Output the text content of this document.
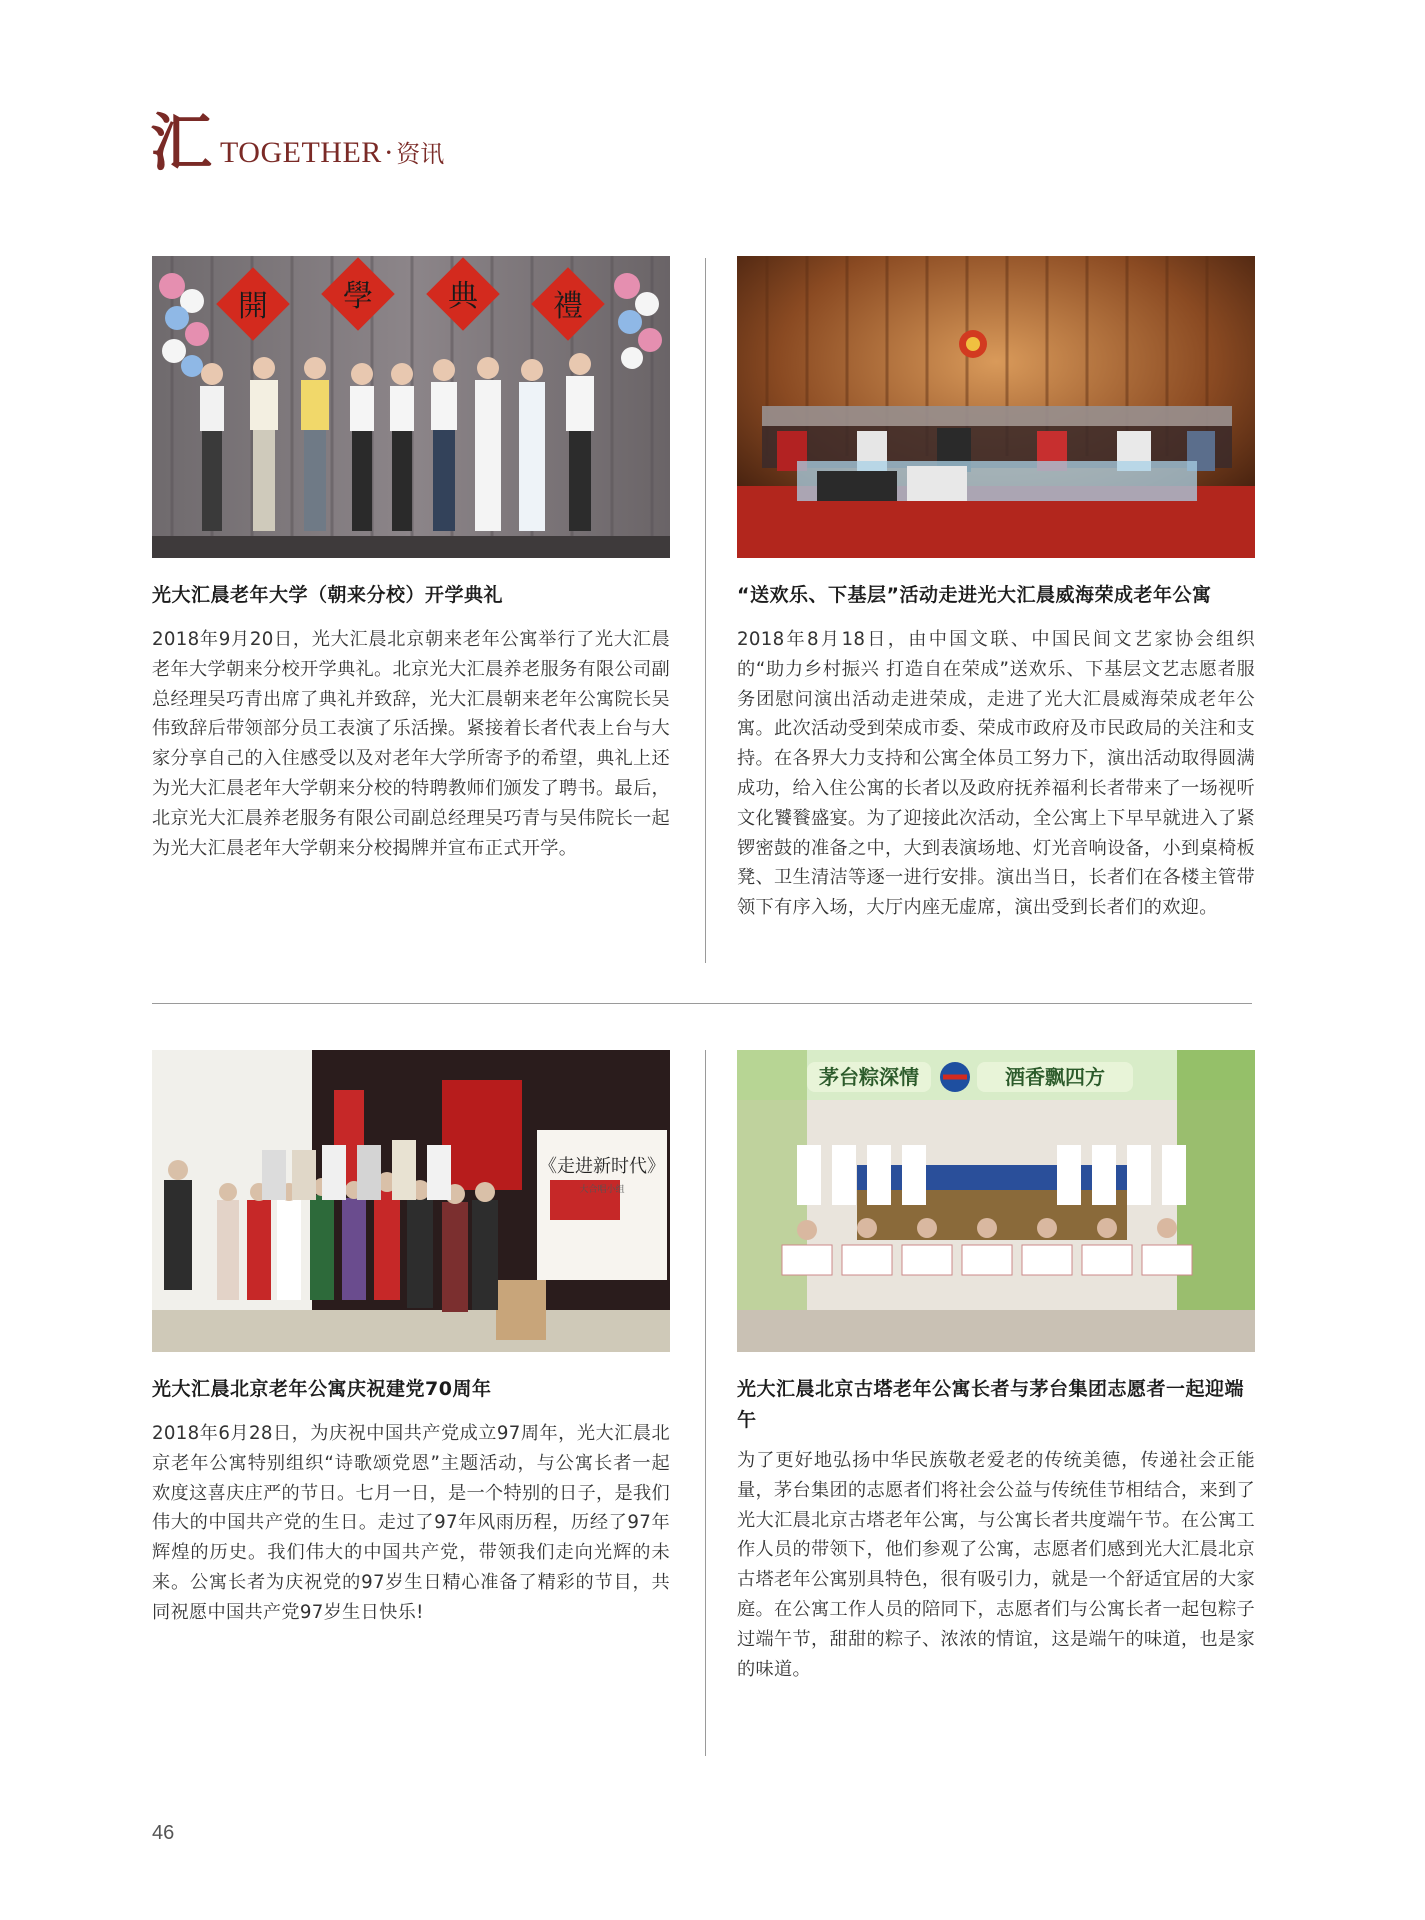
汇 TOGETHER · 资讯
開	學	典	禮
光大汇晨老年大学（朝来分校）开学典礼
2018年9月20日，光大汇晨北京朝来老年公寓举行了光大汇晨老年大学朝来分校开学典礼。北京光大汇晨养老服务有限公司副总经理吴巧青出席了典礼并致辞，光大汇晨朝来老年公寓院长吴伟致辞后带领部分员工表演了乐活操。紧接着长者代表上台与大家分享自己的入住感受以及对老年大学所寄予的希望，典礼上还为光大汇晨老年大学朝来分校的特聘教师们颁发了聘书。最后，北京光大汇晨养老服务有限公司副总经理吴巧青与吴伟院长一起为光大汇晨老年大学朝来分校揭牌并宣布正式开学。
“送欢乐、下基层”活动走进光大汇晨威海荣成老年公寓
2018年8月18日，由中国文联、中国民间文艺家协会组织的“助力乡村振兴 打造自在荣成”送欢乐、下基层文艺志愿者服务团慰问演出活动走进荣成，走进了光大汇晨威海荣成老年公寓。此次活动受到荣成市委、荣成市政府及市民政局的关注和支持。在各界大力支持和公寓全体员工努力下，演出活动取得圆满成功，给入住公寓的长者以及政府抚养福利长者带来了一场视听文化饕餮盛宴。为了迎接此次活动，全公寓上下早早就进入了紧锣密鼓的准备之中，大到表演场地、灯光音响设备，小到桌椅板凳、卫生清洁等逐一进行安排。演出当日，长者们在各楼主管带领下有序入场，大厅内座无虚席，演出受到长者们的欢迎。
《走进新时代》
大合唱小组
光大汇晨北京老年公寓庆祝建党70周年
2018年6月28日，为庆祝中国共产党成立97周年，光大汇晨北京老年公寓特别组织“诗歌颂党恩”主题活动，与公寓长者一起欢度这喜庆庄严的节日。七月一日，是一个特别的日子，是我们伟大的中国共产党的生日。走过了97年风雨历程，历经了97年辉煌的历史。我们伟大的中国共产党，带领我们走向光辉的未来。公寓长者为庆祝党的97岁生日精心准备了精彩的节目，共同祝愿中国共产党97岁生日快乐!
茅台粽深情	酒香飘四方
光大汇晨北京古塔老年公寓长者与茅台集团志愿者一起迎端午
为了更好地弘扬中华民族敬老爱老的传统美德，传递社会正能量，茅台集团的志愿者们将社会公益与传统佳节相结合，来到了光大汇晨北京古塔老年公寓，与公寓长者共度端午节。在公寓工作人员的带领下，他们参观了公寓，志愿者们感到光大汇晨北京古塔老年公寓别具特色，很有吸引力，就是一个舒适宜居的大家庭。在公寓工作人员的陪同下，志愿者们与公寓长者一起包粽子过端午节，甜甜的粽子、浓浓的情谊，这是端午的味道，也是家的味道。
46
